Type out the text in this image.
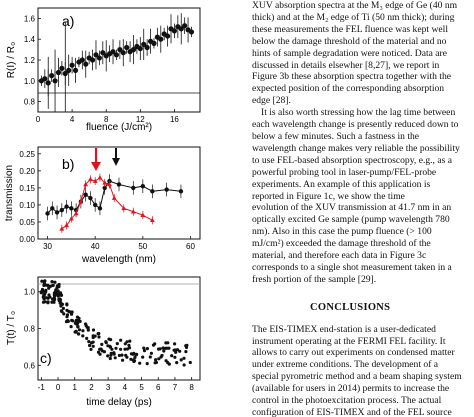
a)
R(I) / R₀
fluence (J/cm²)
0	4	8	12	16
1.6
1.4
1.2
1.0
0.8
b)
transmission
wavelength (nm)
30	40	50	60
0.25
0.20
0.15
0.10
0.05
0.00
c)
T(t) / T₀
time delay (ps)
-1 0 1 2 3 4 5 6 7 8
1.0
0.8
0.6
XUV absorption spectra at the M₃ edge of Ge (40 nm
thick) and at the M₂ edge of Ti (50 nm thick); during
these measurements the FEL fluence was kept well
below the damage threshold of the material and no
hints of sample degradation were noticed. Data are
discussed in details elsewher [8,27], we report in
Figure 3b these absorption spectra together with the
expected position of the corresponding absorption
edge [28].
It is also worth stressing how the lag time between
each wavelength change is presently reduced down to
below a few minutes. Such a fastness in the
wavelength change makes very reliable the possibility
to use FEL-based absorption spectroscopy, e.g., as a
powerful probing tool in laser-pump/FEL-probe
experiments. An example of this application is
reported in Figure 1c, we show the time
evolution of the XUV transmission at 41.7 nm in an
optically excited Ge sample (pump wavelength 780
nm). Also in this case the pump fluence (> 100
mJ/cm²) exceeded the damage threshold of the
material, and therefore each data in Figure 3c
corresponds to a single shot measurement taken in a
fresh portion of the sample [29].

CONCLUSIONS

The EIS-TIMEX end-station is a user-dedicated
instrument operating at the FERMI FEL facility. It
allows to carry out experiments on condensed matter
under extreme conditions. The development of a
special pyrometric method and a beam shaping system
(available for users in 2014) permits to increase the
control in the photoexcitation process. The actual
configuration of EIS-TIMEX and of the FEL source
